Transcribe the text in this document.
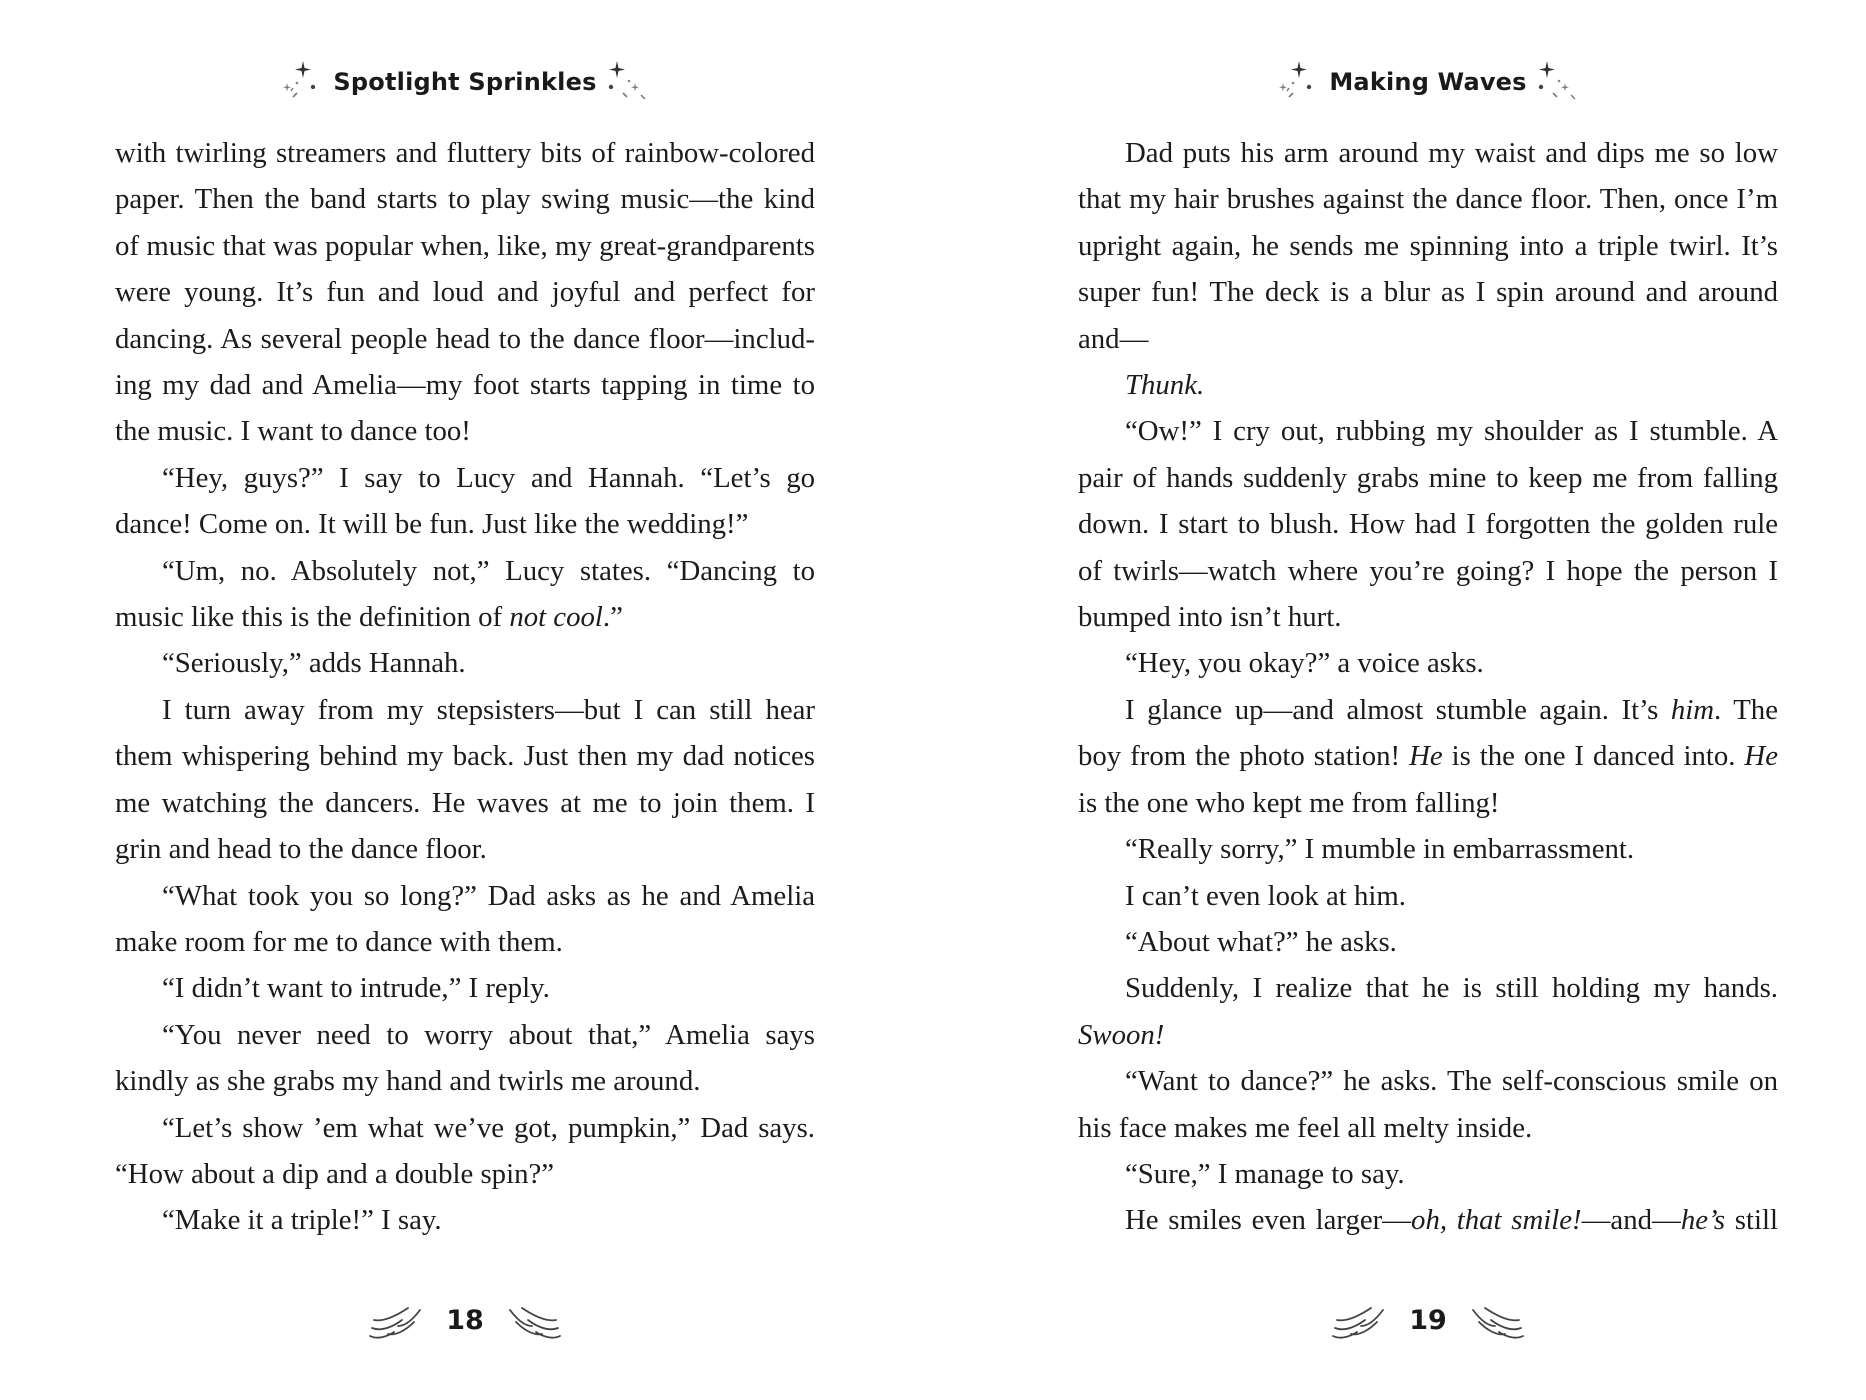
Spotlight Sprinkles

with twirling streamers and fluttery bits of rainbow-colored paper. Then the band starts to play swing music—the kind of music that was popular when, like, my great-grandparents were young. It’s fun and loud and joyful and perfect for dancing. As several people head to the dance floor—including my dad and Amelia—my foot starts tapping in time to the music. I want to dance too!

“Hey, guys?” I say to Lucy and Hannah. “Let’s go dance! Come on. It will be fun. Just like the wedding!”

“Um, no. Absolutely not,” Lucy states. “Dancing to music like this is the definition of not cool.”

“Seriously,” adds Hannah.

I turn away from my stepsisters—but I can still hear them whispering behind my back. Just then my dad notices me watching the dancers. He waves at me to join them. I grin and head to the dance floor.

“What took you so long?” Dad asks as he and Amelia make room for me to dance with them.

“I didn’t want to intrude,” I reply.

“You never need to worry about that,” Amelia says kindly as she grabs my hand and twirls me around.

“Let’s show ’em what we’ve got, pumpkin,” Dad says. “How about a dip and a double spin?”

“Make it a triple!” I say.

18
Making Waves

Dad puts his arm around my waist and dips me so low that my hair brushes against the dance floor. Then, once I’m upright again, he sends me spinning into a triple twirl. It’s super fun! The deck is a blur as I spin around and around and—

Thunk.

“Ow!” I cry out, rubbing my shoulder as I stumble. A pair of hands suddenly grabs mine to keep me from falling down. I start to blush. How had I forgotten the golden rule of twirls—watch where you’re going? I hope the person I bumped into isn’t hurt.

“Hey, you okay?” a voice asks.

I glance up—and almost stumble again. It’s him. The boy from the photo station! He is the one I danced into. He is the one who kept me from falling!

“Really sorry,” I mumble in embarrassment.

I can’t even look at him.

“About what?” he asks.

Suddenly, I realize that he is still holding my hands. Swoon!

“Want to dance?” he asks. The self-conscious smile on his face makes me feel all melty inside.

“Sure,” I manage to say.

He smiles even larger—oh, that smile!—and—he’s still

19
